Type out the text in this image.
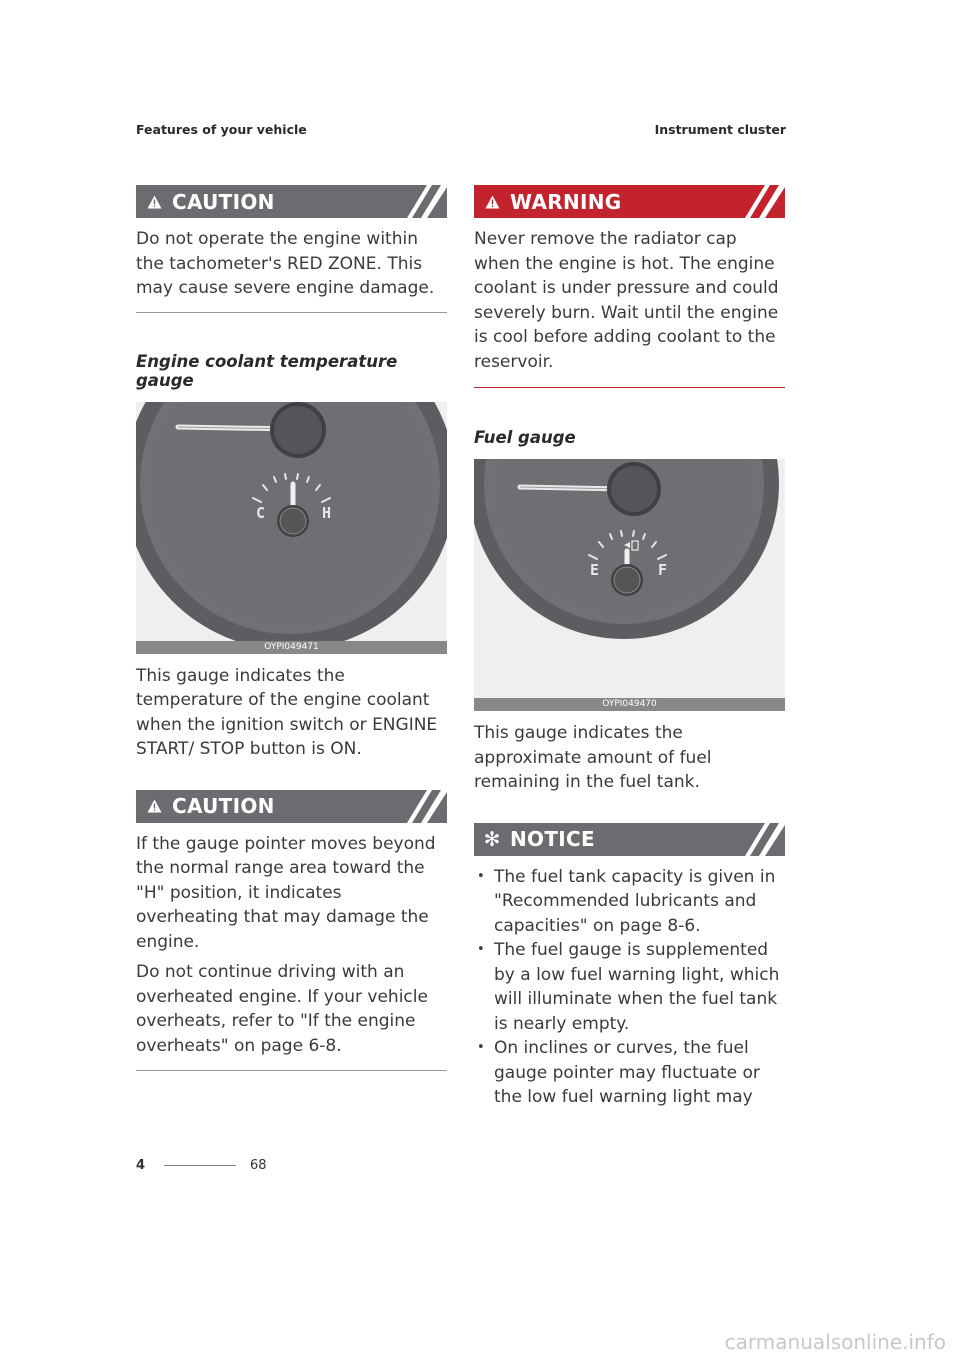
Features of your vehicle	Instrument cluster
CAUTION

Do not operate the engine within the tachometer's RED ZONE. This may cause severe engine damage.

Engine coolant temperature gauge
C	H
OYPI049471

This gauge indicates the temperature of the engine coolant when the ignition switch or ENGINE START/ STOP button is ON.

CAUTION

If the gauge pointer moves beyond the normal range area toward the "H" position, it indicates overheating that may damage the engine.

Do not continue driving with an overheated engine. If your vehicle overheats, refer to "If the engine overheats" on page 6-8.

WARNING

Never remove the radiator cap when the engine is hot. The engine coolant is under pressure and could severely burn. Wait until the engine is cool before adding coolant to the reservoir.

Fuel gauge
E	F
OYPI049470

This gauge indicates the approximate amount of fuel remaining in the fuel tank.

✻ NOTICE
• The fuel tank capacity is given in "Recommended lubricants and capacities" on page 8-6.
• The fuel gauge is supplemented by a low fuel warning light, which will illuminate when the fuel tank is nearly empty.
• On inclines or curves, the fuel gauge pointer may fluctuate or the low fuel warning light may
4	68
carmanualsonline.info
